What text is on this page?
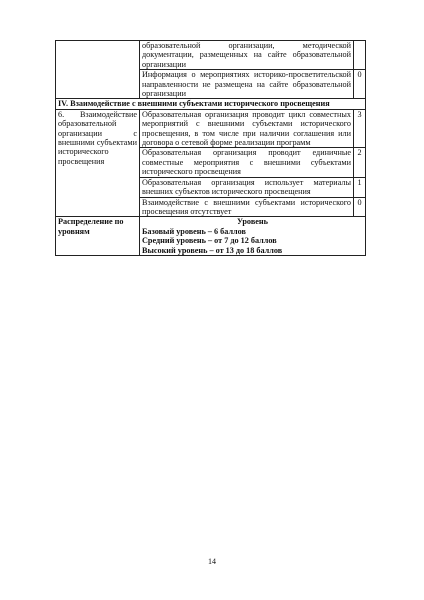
	образовательной организации, методической документации, размещенных на сайте образовательной организации	
	Информация о мероприятиях историко-просветительской направленности не размещена на сайте образовательной организации	0
IV. Взаимодействие с внешними субъектами исторического просвещения		
6. Взаимодействие образовательной организации с внешними субъектами исторического просвещения	Образовательная организация проводит цикл совместных мероприятий с внешними субъектами исторического просвещения, в том числе при наличии соглашения или договора о сетевой форме реализации программ	3
	Образовательная организация проводит единичные совместные мероприятия с внешними субъектами исторического просвещения	2
	Образовательная организация использует материалы внешних субъектов исторического просвещения	1
	Взаимодействие с внешними субъектами исторического просвещения отсутствует	0
Распределение по уровням	Уровень
Базовый уровень – 6 баллов
Средний уровень – от 7 до 12 баллов
Высокий уровень – от 13 до 18 баллов	
14
